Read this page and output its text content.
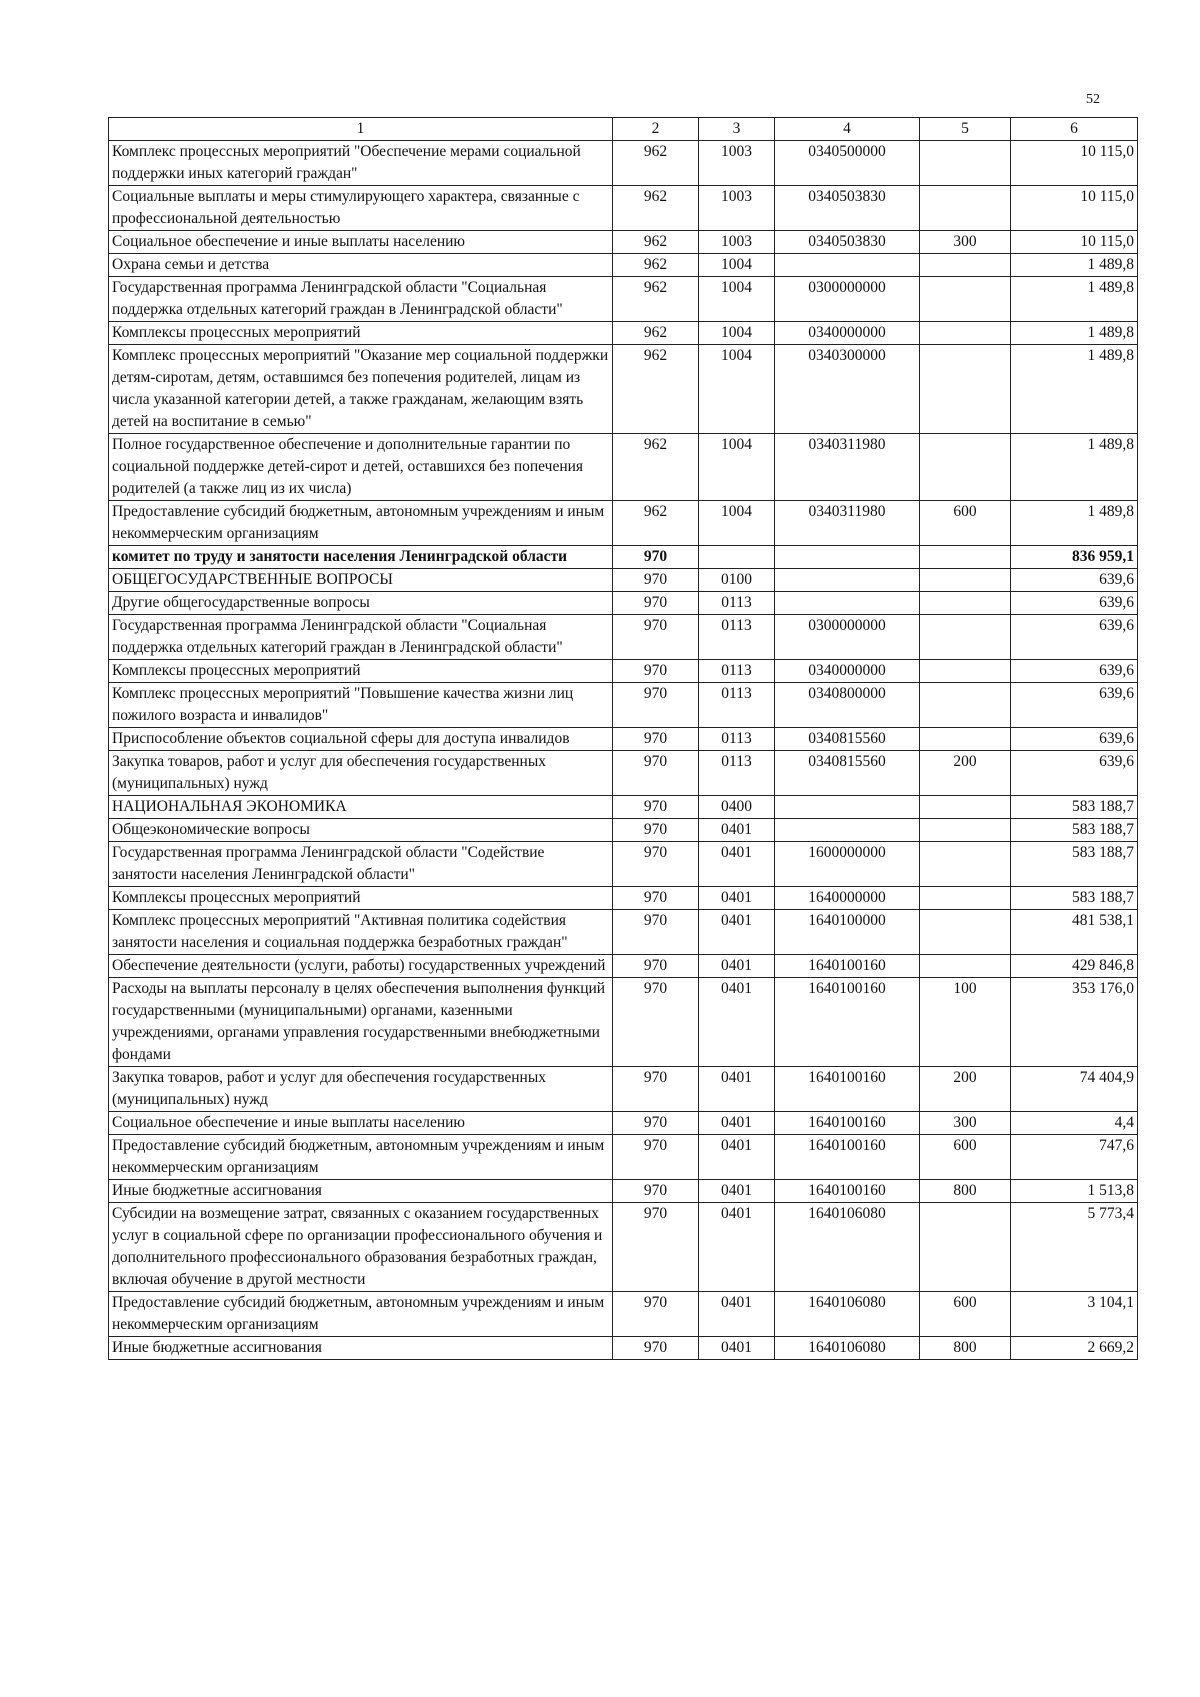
52
1	2	3	4	5	6
Комплекс процессных мероприятий "Обеспечение мерами социальной поддержки иных категорий граждан"	962	1003	0340500000		10 115,0
Социальные выплаты и меры стимулирующего характера, связанные с профессиональной деятельностью	962	1003	0340503830		10 115,0
Социальное обеспечение и иные выплаты населению	962	1003	0340503830	300	10 115,0
Охрана семьи и детства	962	1004			1 489,8
Государственная программа Ленинградской области "Социальная поддержка отдельных категорий граждан в Ленинградской области"	962	1004	0300000000		1 489,8
Комплексы процессных мероприятий	962	1004	0340000000		1 489,8
Комплекс процессных мероприятий "Оказание мер социальной поддержки детям-сиротам, детям, оставшимся без попечения родителей, лицам из числа указанной категории детей, а также гражданам, желающим взять детей на воспитание в семью"	962	1004	0340300000		1 489,8
Полное государственное обеспечение и дополнительные гарантии по социальной поддержке детей-сирот и детей, оставшихся без попечения родителей (а также лиц из их числа)	962	1004	0340311980		1 489,8
Предоставление субсидий бюджетным, автономным учреждениям и иным некоммерческим организациям	962	1004	0340311980	600	1 489,8
комитет по труду и занятости населения Ленинградской области	970				836 959,1
ОБЩЕГОСУДАРСТВЕННЫЕ ВОПРОСЫ	970	0100			639,6
Другие общегосударственные вопросы	970	0113			639,6
Государственная программа Ленинградской области "Социальная поддержка отдельных категорий граждан в Ленинградской области"	970	0113	0300000000		639,6
Комплексы процессных мероприятий	970	0113	0340000000		639,6
Комплекс процессных мероприятий "Повышение качества жизни лиц пожилого возраста и инвалидов"	970	0113	0340800000		639,6
Приспособление объектов социальной сферы для доступа инвалидов	970	0113	0340815560		639,6
Закупка товаров, работ и услуг для обеспечения государственных (муниципальных) нужд	970	0113	0340815560	200	639,6
НАЦИОНАЛЬНАЯ ЭКОНОМИКА	970	0400			583 188,7
Общеэкономические вопросы	970	0401			583 188,7
Государственная программа Ленинградской области "Содействие занятости населения Ленинградской области"	970	0401	1600000000		583 188,7
Комплексы процессных мероприятий	970	0401	1640000000		583 188,7
Комплекс процессных мероприятий "Активная политика содействия занятости населения и социальная поддержка безработных граждан"	970	0401	1640100000		481 538,1
Обеспечение деятельности (услуги, работы) государственных учреждений	970	0401	1640100160		429 846,8
Расходы на выплаты персоналу в целях обеспечения выполнения функций государственными (муниципальными) органами, казенными учреждениями, органами управления государственными внебюджетными фондами	970	0401	1640100160	100	353 176,0
Закупка товаров, работ и услуг для обеспечения государственных (муниципальных) нужд	970	0401	1640100160	200	74 404,9
Социальное обеспечение и иные выплаты населению	970	0401	1640100160	300	4,4
Предоставление субсидий бюджетным, автономным учреждениям и иным некоммерческим организациям	970	0401	1640100160	600	747,6
Иные бюджетные ассигнования	970	0401	1640100160	800	1 513,8
Субсидии на возмещение затрат, связанных с оказанием государственных услуг в социальной сфере по организации профессионального обучения и дополнительного профессионального образования безработных граждан, включая обучение в другой местности	970	0401	1640106080		5 773,4
Предоставление субсидий бюджетным, автономным учреждениям и иным некоммерческим организациям	970	0401	1640106080	600	3 104,1
Иные бюджетные ассигнования	970	0401	1640106080	800	2 669,2
